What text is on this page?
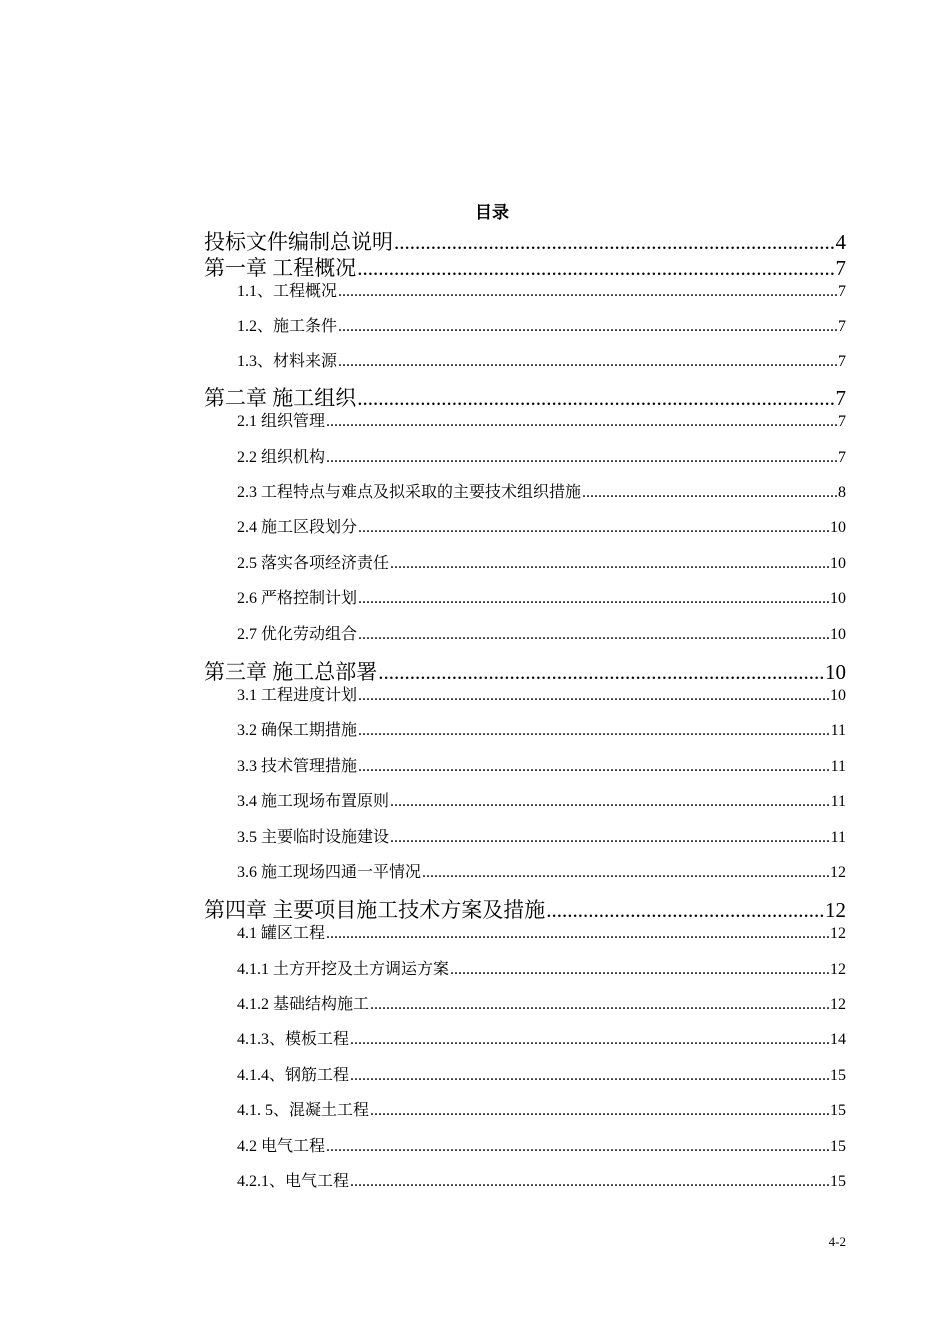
目录
投标文件编制总说明 .....	4
第一章 工程概况 .....	7
1.1、工程概况 .....	7
1.2、施工条件 .....	7
1.3、材料来源 .....	7
第二章 施工组织 .....	7
2.1 组织管理 .....	7
2.2 组织机构 .....	7
2.3 工程特点与难点及拟采取的主要技术组织措施 .....	8
2.4 施工区段划分 .....	10
2.5 落实各项经济责任 .....	10
2.6 严格控制计划 .....	10
2.7 优化劳动组合 .....	10
第三章 施工总部署 .....	10
3.1 工程进度计划 .....	10
3.2 确保工期措施 .....	11
3.3 技术管理措施 .....	11
3.4 施工现场布置原则 .....	11
3.5 主要临时设施建设 .....	11
3.6 施工现场四通一平情况 .....	12
第四章 主要项目施工技术方案及措施 .....	12
4.1 罐区工程 .....	12
4.1.1 土方开挖及土方调运方案 .....	12
4.1.2 基础结构施工 .....	12
4.1.3、模板工程 .....	14
4.1.4、钢筋工程 .....	15
4.1. 5、混凝土工程 .....	15
4.2 电气工程 .....	15
4.2.1、电气工程 .....	15
4-2
